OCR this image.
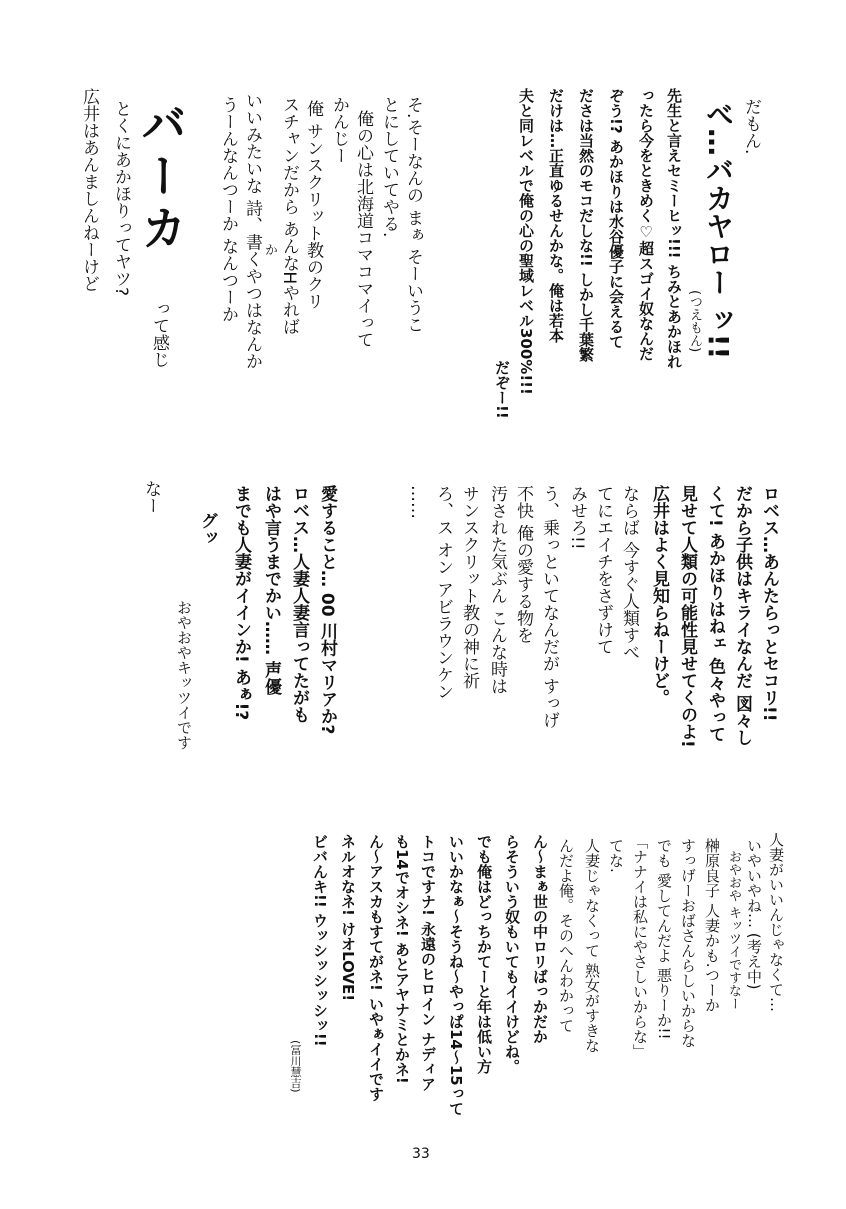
だもん.
べ…バカヤロー ッ!!
(つえもん)
先生と言えセミーヒッ!!! ちみとあかほれ
ったら今をときめく♡超スゴイ奴なんだ
ぞう!? あかほりは水谷優子に会えるて
ださは当然のモコだしな!! しかし千葉繁
だけは…正直ゆるせんかな。俺は若本
夫と同レベルで俺の心の聖域レベル300%!!!
だぞー!!
そ.そーなんの まぁ そーいうこ
とにしていてやる.
俺の心は北海道コマコマイって
かんじー
俺 サンスクリット教のクリ
スチャンだから あんなHやれば
か
いいみたいな 詩、書くやつはなんか
うーんなんつーか なんつーか
バーカ
って感じ
とくにあかほりってヤツ?
広井はあんましんねーけど
ロベス…あんたらっとセコリ!!
だから子供はキライなんだ 図々し
くて! あかほりはねェ 色々やって
見せて人類の可能性見せてくのよ!
広井はよく見知らねーけど。
ならば 今すぐ人類すべ
てにエイチをさずけて
みせろ!!
う、乗っといてなんだが すっげ
不快 俺の愛する物を
汚された気ぶん こんな時は
サンスクリット教の神に祈
ろ、ス オン アビラウンケン
……
愛すること… 00 川村マリアか?
ロベス…人妻人妻言ってたがも
はや言うまでかい…… 声優
までも人妻がイインか! あぁ!?
グッ
おやおやキッツイです
なー
人妻がいいんじゃなくて…
いやいやね… (考え中)
おやおや キッツイですなー
榊原良子 人妻かも.つーか
すっげーおばさんらしいからな
でも 愛してんだよ 悪りーか!!
「ナナイは私にやさしいからな」
てな.
人妻じゃなくって 熟女がすきな
んだよ俺。そのへんわかって
ん〜まぁ世の中ロリばっかだか
らそういう奴もいてもイイけどね。
でも俺はどっちかてーと年は低い方
いいかなぁ〜そうね〜やっぱ14〜15って
トコですナ! 永遠のヒロイン ナディア
も14でオシネ! あとアヤナミとかネ!
ん〜アスカもすてがネ! いやぁイイです
ネルオなネ! けオLOVE!
ビバんキ!! ウッシッシッシッ!!
(冨川慧吉)
33
